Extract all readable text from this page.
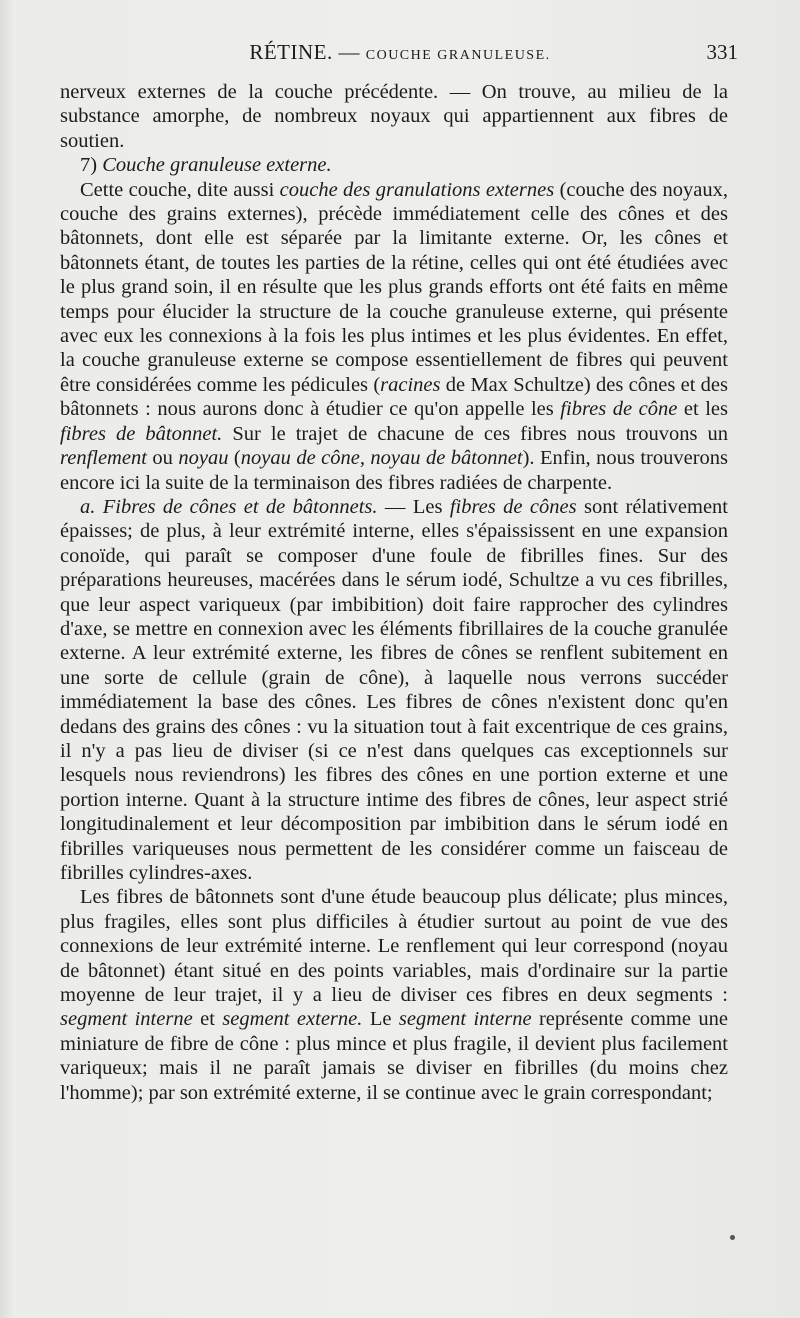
RÉTINE. — COUCHE GRANULEUSE.	331

nerveux externes de la couche précédente. — On trouve, au milieu de la substance amorphe, de nombreux noyaux qui appartiennent aux fibres de soutien.

7) Couche granuleuse externe.

Cette couche, dite aussi couche des granulations externes (couche des noyaux, couche des grains externes), précède immédiatement celle des cônes et des bâtonnets, dont elle est séparée par la limitante externe. Or, les cônes et bâtonnets étant, de toutes les parties de la rétine, celles qui ont été étudiées avec le plus grand soin, il en résulte que les plus grands efforts ont été faits en même temps pour élucider la structure de la couche granuleuse externe, qui présente avec eux les connexions à la fois les plus intimes et les plus évidentes. En effet, la couche granuleuse externe se compose essentiellement de fibres qui peuvent être considérées comme les pédicules (racines de Max Schultze) des cônes et des bâtonnets : nous aurons donc à étudier ce qu'on appelle les fibres de cône et les fibres de bâtonnet. Sur le trajet de chacune de ces fibres nous trouvons un renflement ou noyau (noyau de cône, noyau de bâtonnet). Enfin, nous trouverons encore ici la suite de la terminaison des fibres radiées de charpente.

a. Fibres de cônes et de bâtonnets. — Les fibres de cônes sont rélativement épaisses; de plus, à leur extrémité interne, elles s'épaississent en une expansion conoïde, qui paraît se composer d'une foule de fibrilles fines. Sur des préparations heureuses, macérées dans le sérum iodé, Schultze a vu ces fibrilles, que leur aspect variqueux (par imbibition) doit faire rapprocher des cylindres d'axe, se mettre en connexion avec les éléments fibrillaires de la couche granulée externe. A leur extrémité externe, les fibres de cônes se renflent subitement en une sorte de cellule (grain de cône), à laquelle nous verrons succéder immédiatement la base des cônes. Les fibres de cônes n'existent donc qu'en dedans des grains des cônes : vu la situation tout à fait excentrique de ces grains, il n'y a pas lieu de diviser (si ce n'est dans quelques cas exceptionnels sur lesquels nous reviendrons) les fibres des cônes en une portion externe et une portion interne. Quant à la structure intime des fibres de cônes, leur aspect strié longitudinalement et leur décomposition par imbibition dans le sérum iodé en fibrilles variqueuses nous permettent de les considérer comme un faisceau de fibrilles cylindres-axes.

Les fibres de bâtonnets sont d'une étude beaucoup plus délicate; plus minces, plus fragiles, elles sont plus difficiles à étudier surtout au point de vue des connexions de leur extrémité interne. Le renflement qui leur correspond (noyau de bâtonnet) étant situé en des points variables, mais d'ordinaire sur la partie moyenne de leur trajet, il y a lieu de diviser ces fibres en deux segments : segment interne et segment externe. Le segment interne représente comme une miniature de fibre de cône : plus mince et plus fragile, il devient plus facilement variqueux; mais il ne paraît jamais se diviser en fibrilles (du moins chez l'homme); par son extrémité externe, il se continue avec le grain correspondant;
